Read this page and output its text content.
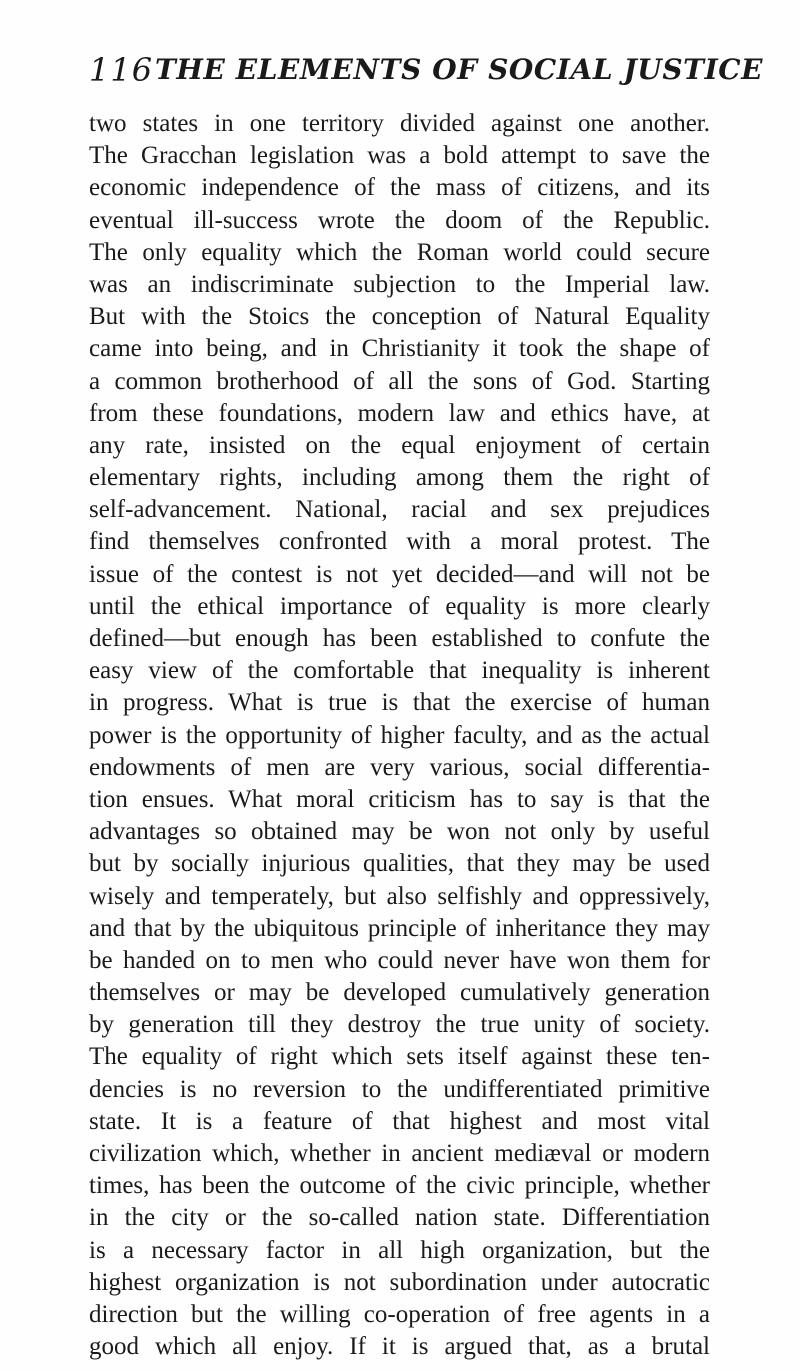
116 THE ELEMENTS OF SOCIAL JUSTICE
two states in one territory divided against one another.
The Gracchan legislation was a bold attempt to save the
economic independence of the mass of citizens, and its
eventual ill-success wrote the doom of the Republic.
The only equality which the Roman world could secure
was an indiscriminate subjection to the Imperial law.
But with the Stoics the conception of Natural Equality
came into being, and in Christianity it took the shape of
a common brotherhood of all the sons of God. Starting
from these foundations, modern law and ethics have, at
any rate, insisted on the equal enjoyment of certain
elementary rights, including among them the right of
self-advancement. National, racial and sex prejudices
find themselves confronted with a moral protest. The
issue of the contest is not yet decided—and will not be
until the ethical importance of equality is more clearly
defined—but enough has been established to confute the
easy view of the comfortable that inequality is inherent
in progress. What is true is that the exercise of human
power is the opportunity of higher faculty, and as the actual
endowments of men are very various, social differentia-
tion ensues. What moral criticism has to say is that the
advantages so obtained may be won not only by useful
but by socially injurious qualities, that they may be used
wisely and temperately, but also selfishly and oppressively,
and that by the ubiquitous principle of inheritance they may
be handed on to men who could never have won them for
themselves or may be developed cumulatively generation
by generation till they destroy the true unity of society.
The equality of right which sets itself against these ten-
dencies is no reversion to the undifferentiated primitive
state. It is a feature of that highest and most vital
civilization which, whether in ancient mediæval or modern
times, has been the outcome of the civic principle, whether
in the city or the so-called nation state. Differentiation
is a necessary factor in all high organization, but the
highest organization is not subordination under autocratic
direction but the willing co-operation of free agents in a
good which all enjoy. If it is argued that, as a brutal
